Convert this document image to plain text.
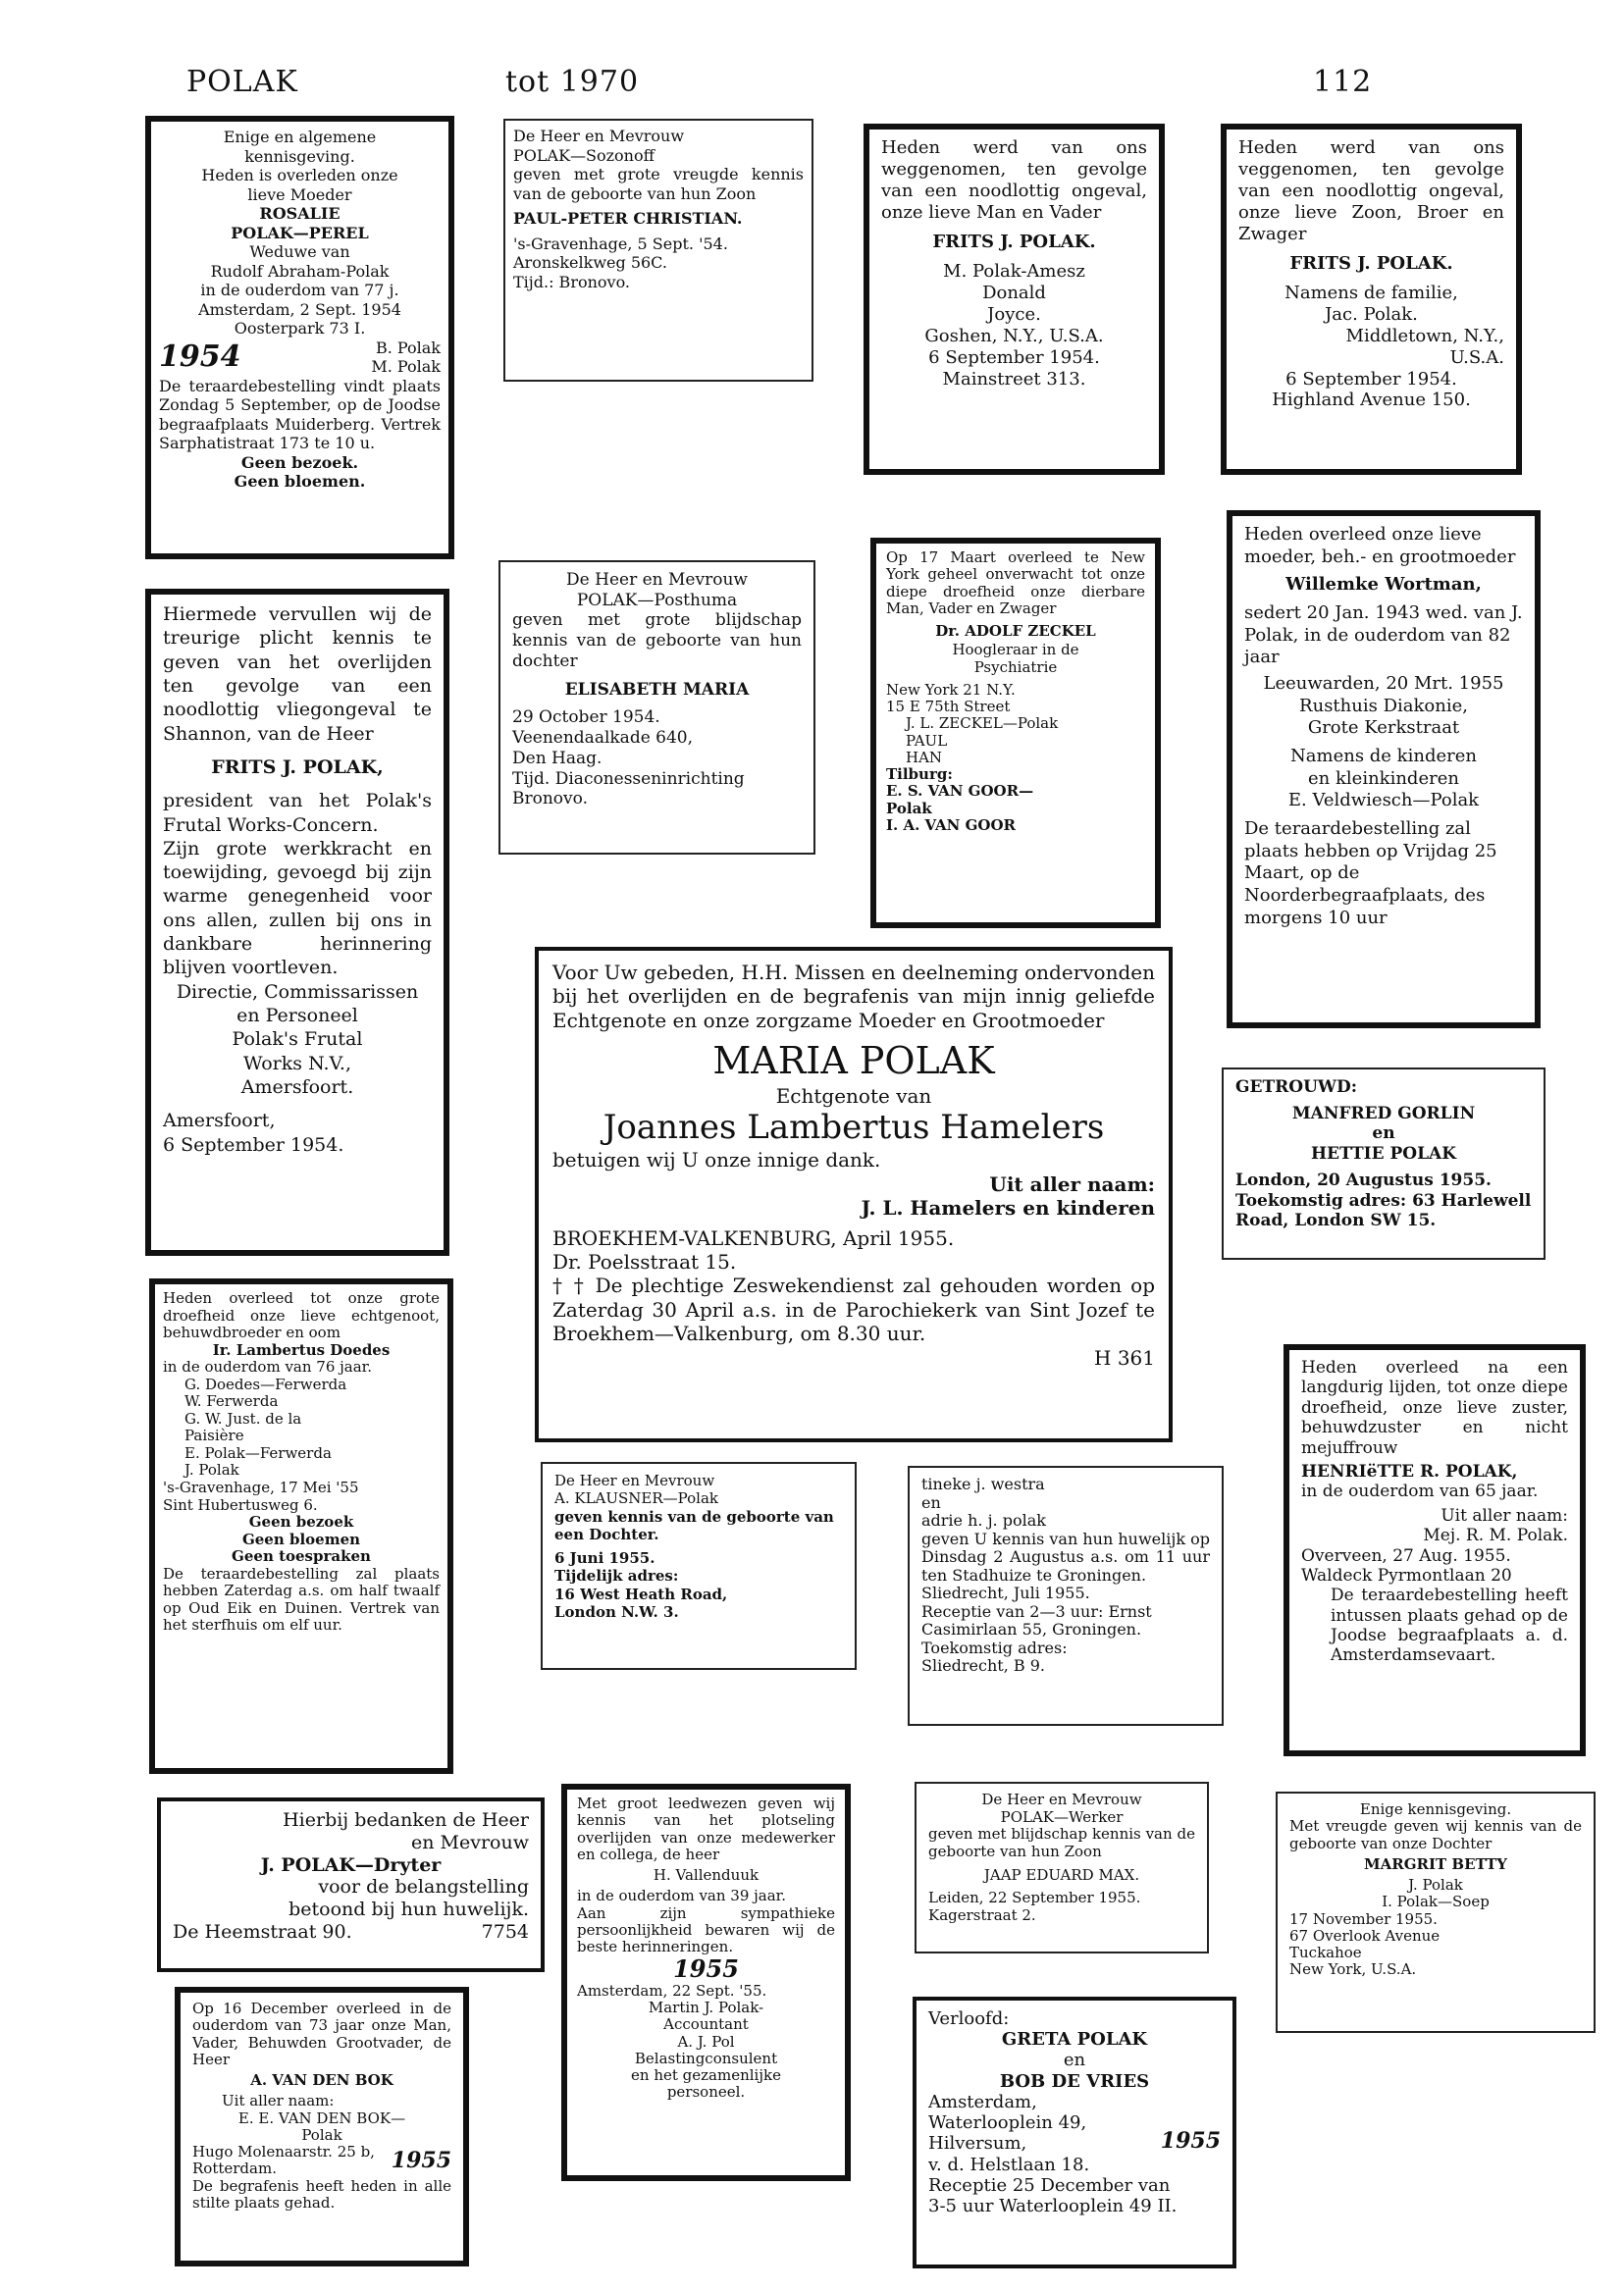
POLAK	tot 1970	112

Enige en algemene
kennisgeving.
Heden is overleden onze
lieve Moeder

ROSALIE
POLAK—PEREL

Weduwe van
Rudolf Abraham-Polak
in de ouderdom van 77 j.
Amsterdam, 2 Sept. 1954
Oosterpark 73 I.

1954	B. Polak
M. Polak

De teraardebestelling vindt plaats Zondag 5 September, op de Joodse begraafplaats Muiderberg. Vertrek Sarphatistraat 173 te 10 u.

Geen bezoek.
Geen bloemen.

De Heer en Mevrouw
POLAK—Sozonoff

geven met grote vreugde kennis van de geboorte van hun Zoon

PAUL-PETER CHRISTIAN.

's-Gravenhage, 5 Sept. '54.
Aronskelkweg 56C.
Tijd.: Bronovo.

Heden werd van ons weggenomen, ten gevolge van een noodlottig ongeval, onze lieve Man en Vader

FRITS J. POLAK.

M. Polak-Amesz
Donald
Joyce.

Goshen, N.Y., U.S.A.
6 September 1954.
Mainstreet 313.

Heden werd van ons veggenomen, ten gevolge van een noodlottig ongeval, onze lieve Zoon, Broer en Zwager

FRITS J. POLAK.

Namens de familie,
Jac. Polak.

Middletown, N.Y.,
U.S.A.

6 September 1954.
Highland Avenue 150.

Hiermede vervullen wij de treurige plicht kennis te geven van het overlijden ten gevolge van een noodlottig vliegongeval te Shannon, van de Heer

FRITS J. POLAK,

president van het Polak's Frutal Works-Concern.
Zijn grote werkkracht en toewijding, gevoegd bij zijn warme genegenheid voor ons allen, zullen bij ons in dankbare herinnering blijven voortleven.

Directie, Commissarissen en Personeel
Polak's Frutal
Works N.V.,
Amersfoort.

Amersfoort,
6 September 1954.

De Heer en Mevrouw
POLAK—Posthuma

geven met grote blijdschap kennis van de geboorte van hun dochter

ELISABETH MARIA

29 October 1954.
Veenendaalkade 640,
Den Haag.

Tijd. Diaconesseninrichting
Bronovo.

Op 17 Maart overleed te New York geheel onverwacht tot onze diepe droefheid onze dierbare Man, Vader en Zwager

Dr. ADOLF ZECKEL

Hoogleraar in de
Psychiatrie

New York 21 N.Y.
15 E 75th Street

J. L. ZECKEL—Polak
PAUL
HAN

Tilburg:
E. S. VAN GOOR—
Polak
I. A. VAN GOOR

Heden overleed onze lieve moeder, beh.- en grootmoeder

Willemke Wortman,

sedert 20 Jan. 1943 wed. van J. Polak, in de ouderdom van 82 jaar

Leeuwarden, 20 Mrt. 1955
Rusthuis Diakonie,
Grote Kerkstraat

Namens de kinderen
en kleinkinderen
E. Veldwiesch—Polak

De teraardebestelling zal plaats hebben op Vrijdag 25 Maart, op de Noorderbegraafplaats, des morgens 10 uur

Voor Uw gebeden, H.H. Missen en deelneming ondervonden bij het overlijden en de begrafenis van mijn innig geliefde Echtgenote en onze zorgzame Moeder en Grootmoeder

MARIA POLAK

Echtgenote van

Joannes Lambertus Hamelers

betuigen wij U onze innige dank.

Uit aller naam:
J. L. Hamelers en kinderen

BROEKHEM-VALKENBURG, April 1955.
Dr. Poelsstraat 15.

† † De plechtige Zeswekendienst zal gehouden worden op Zaterdag 30 April a.s. in de Parochiekerk van Sint Jozef te Broekhem—Valkenburg, om 8.30 uur.

H 361

GETROUWD:

MANFRED GORLIN
en
HETTIE POLAK

London, 20 Augustus 1955.
Toekomstig adres: 63 Harlewell Road, London SW 15.

Heden overleed tot onze grote droefheid onze lieve echtgenoot, behuwdbroeder en oom

Ir. Lambertus Doedes

in de ouderdom van 76 jaar.

G. Doedes—Ferwerda
W. Ferwerda
G. W. Just. de la
Paisière
E. Polak—Ferwerda
J. Polak

's-Gravenhage, 17 Mei '55
Sint Hubertusweg 6.

Geen bezoek
Geen bloemen
Geen toespraken

De teraardebestelling zal plaats hebben Zaterdag a.s. om half twaalf op Oud Eik en Duinen. Vertrek van het sterfhuis om elf uur.

De Heer en Mevrouw
A. KLAUSNER—Polak

geven kennis van de geboorte van een Dochter.

6 Juni 1955.

Tijdelijk adres:
16 West Heath Road,
London N.W. 3.

tineke j. westra
en
adrie h. j. polak

geven U kennis van hun huwelijk op Dinsdag 2 Augustus a.s. om 11 uur ten Stadhuize te Groningen.

Sliedrecht, Juli 1955.
Receptie van 2—3 uur: Ernst Casimirlaan 55, Groningen.
Toekomstig adres:
Sliedrecht, B 9.

Heden overleed na een langdurig lijden, tot onze diepe droefheid, onze lieve zuster, behuwdzuster en nicht mejuffrouw

HENRIëTTE R. POLAK,

in de ouderdom van 65 jaar.

Uit aller naam:
Mej. R. M. Polak.

Overveen, 27 Aug. 1955.
Waldeck Pyrmontlaan 20

De teraardebestelling heeft intussen plaats gehad op de Joodse begraafplaats a. d. Amsterdamsevaart.

Hierbij bedanken de Heer
en Mevrouw

J. POLAK—Dryter

voor de belangstelling
betoond bij hun huwelijk.

De Heemstraat 90.	7754

Met groot leedwezen geven wij kennis van het plotseling overlijden van onze medewerker en collega, de heer

H. Vallenduuk

in de ouderdom van 39 jaar.
Aan zijn sympathieke persoonlijkheid bewaren wij de beste herinneringen.

1955

Amsterdam, 22 Sept. '55.

Martin J. Polak-
Accountant
A. J. Pol
Belastingconsulent
en het gezamenlijke
personeel.

De Heer en Mevrouw
POLAK—Werker

geven met blijdschap kennis van de geboorte van hun Zoon

JAAP EDUARD MAX.

Leiden, 22 September 1955.
Kagerstraat 2.

Enige kennisgeving.

Met vreugde geven wij kennis van de geboorte van onze Dochter

MARGRIT BETTY

J. Polak
I. Polak—Soep

17 November 1955.
67 Overlook Avenue
Tuckahoe
New York, U.S.A.

Op 16 December overleed in de ouderdom van 73 jaar onze Man, Vader, Behuwden Grootvader, de Heer

A. VAN DEN BOK

Uit aller naam:

E. E. VAN DEN BOK—
Polak

Hugo Molenaarstr. 25 b,
Rotterdam.	1955

De begrafenis heeft heden in alle stilte plaats gehad.

Verloofd:

GRETA POLAK

en

BOB DE VRIES

Amsterdam,
Waterlooplein 49,
Hilversum,	1955

v. d. Helstlaan 18.
Receptie 25 December van
3-5 uur Waterlooplein 49 II.
